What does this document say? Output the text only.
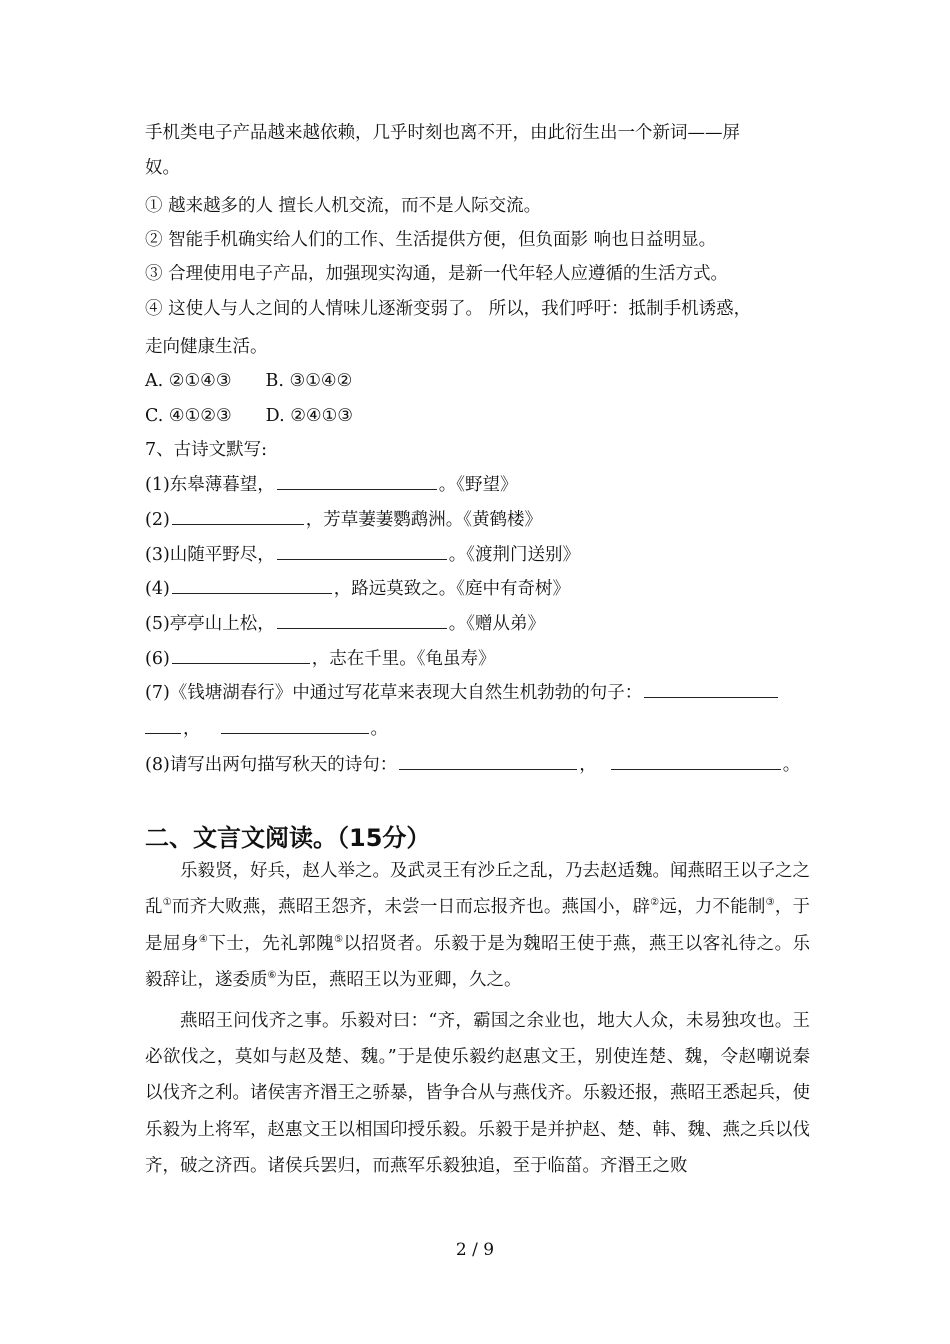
手机类电子产品越来越依赖，几乎时刻也离不开，由此衍生出一个新词——屏
奴。
① 越来越多的人 擅长人机交流，而不是人际交流。
② 智能手机确实给人们的工作、生活提供方便，但负面影 响也日益明显。
③ 合理使用电子产品，加强现实沟通，是新一代年轻人应遵循的生活方式。
④ 这使人与人之间的人情味儿逐渐变弱了。 所以，我们呼吁：抵制手机诱惑，
走向健康生活。
A. ②①④③ B. ③①④②
C. ④①②③ D. ②④①③
7、古诗文默写:
(1)东皋薄暮望，	。《野望》
(2)	，芳草萋萋鹦鹉洲。《黄鹤楼》
(3)山随平野尽，	。《渡荆门送别》
(4)	，路远莫致之。《庭中有奇树》
(5)亭亭山上松，	。《赠从弟》
(6)	，志在千里。《龟虽寿》
(7)《钱塘湖春行》中通过写花草来表现大自然生机勃勃的句子：
，	。
(8)请写出两句描写秋天的诗句：	，	。
二、文言文阅读。（15分）

乐毅贤，好兵，赵人举之。及武灵王有沙丘之乱，乃去赵适魏。闻燕昭王以子之之乱①而齐大败燕，燕昭王怨齐，未尝一日而忘报齐也。燕国小，辟②远，力不能制③，于是屈身④下士，先礼郭隗⑤以招贤者。乐毅于是为魏昭王使于燕，燕王以客礼待之。乐毅辞让，遂委质⑥为臣，燕昭王以为亚卿，久之。

燕昭王问伐齐之事。乐毅对曰：“齐，霸国之余业也，地大人众，未易独攻也。王必欲伐之，莫如与赵及楚、魏。”于是使乐毅约赵惠文王，别使连楚、魏，令赵嘲说秦以伐齐之利。诸侯害齐湣王之骄暴，皆争合从与燕伐齐。乐毅还报，燕昭王悉起兵，使乐毅为上将军，赵惠文王以相国印授乐毅。乐毅于是并护赵、楚、韩、魏、燕之兵以伐齐，破之济西。诸侯兵罢归，而燕军乐毅独追，至于临菑。齐湣王之败

2 / 9
